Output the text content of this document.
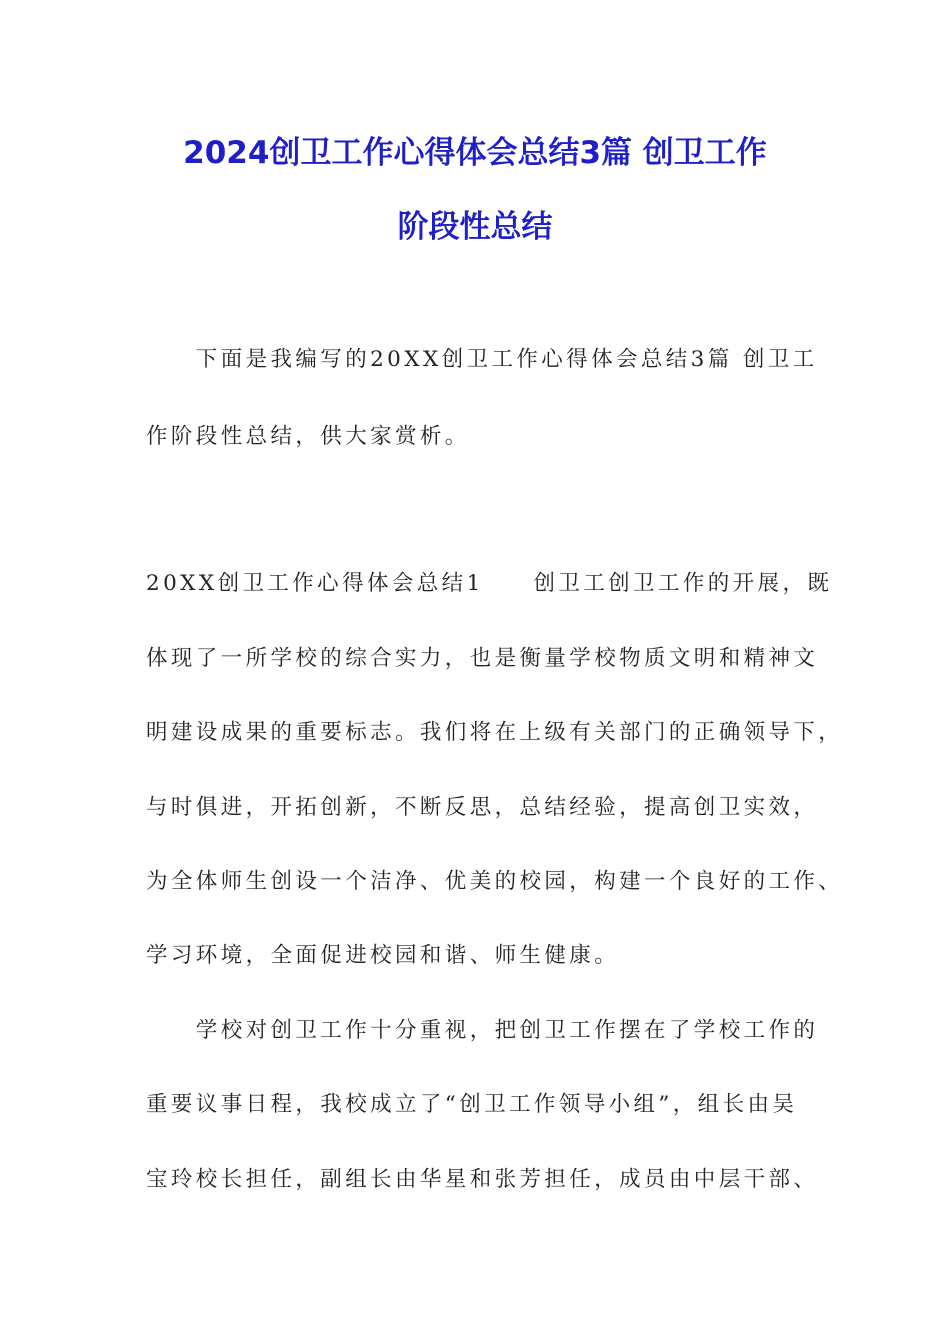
2024创卫工作心得体会总结3篇 创卫工作
阶段性总结
　　下面是我编写的20XX创卫工作心得体会总结3篇 创卫工
作阶段性总结，供大家赏析。
20XX创卫工作心得体会总结1　　创卫工创卫工作的开展，既
体现了一所学校的综合实力，也是衡量学校物质文明和精神文
明建设成果的重要标志。我们将在上级有关部门的正确领导下，
与时俱进，开拓创新，不断反思，总结经验，提高创卫实效，
为全体师生创设一个洁净、优美的校园，构建一个良好的工作、
学习环境，全面促进校园和谐、师生健康。
　　学校对创卫工作十分重视，把创卫工作摆在了学校工作的
重要议事日程，我校成立了“创卫工作领导小组”，组长由吴
宝玲校长担任，副组长由华星和张芳担任，成员由中层干部、
